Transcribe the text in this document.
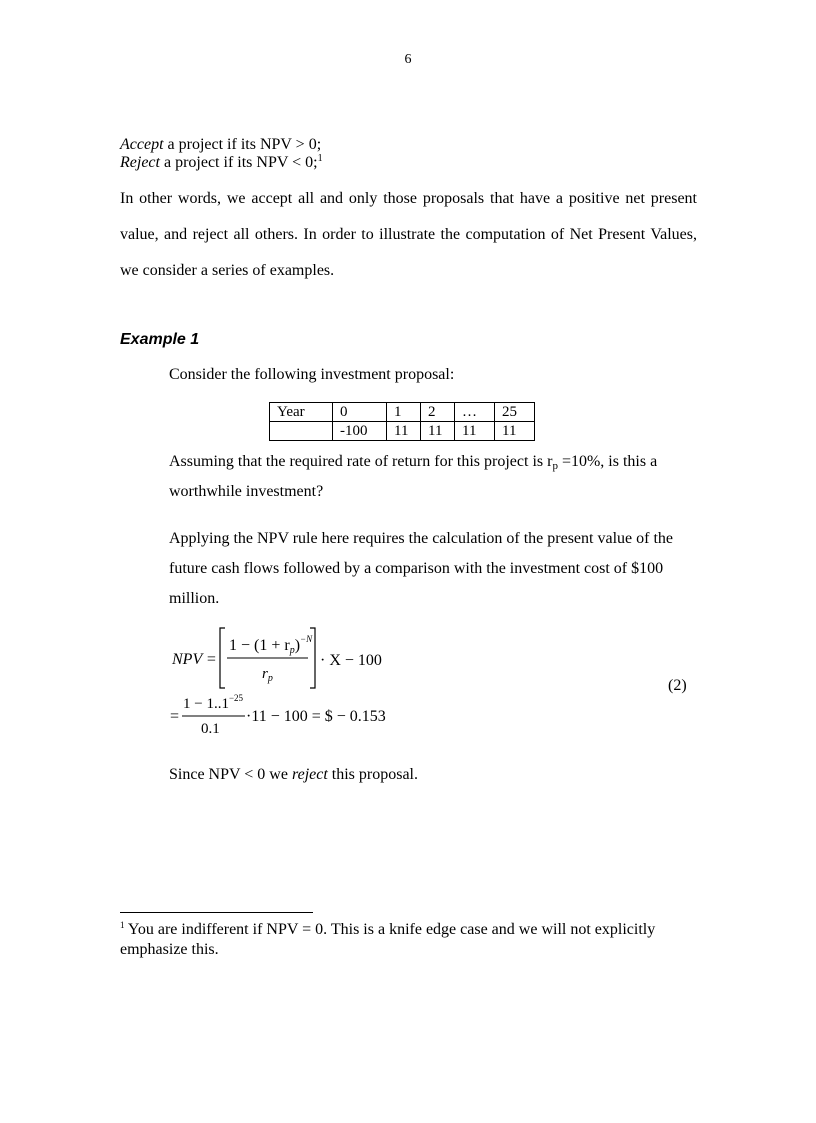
6
Accept a project if its NPV > 0;
Reject a project if its NPV < 0;$^1$
In other words, we accept all and only those proposals that have a positive net present
value, and reject all others. In order to illustrate the computation of Net Present Values,
we consider a series of examples.
Example 1
Consider the following investment proposal:
Year	0	1	2	…	25
	-100	11	11	11	11
Assuming that the required rate of return for this project is $r_p =10\%$, is this a
worthwhile investment?
Applying the NPV rule here requires the calculation of the present value of the
future cash flows followed by a comparison with the investment cost of $100
million.
NPV =
1 − (1 + rp)$^{-N}$
$r_p$
· X − 100
=
$1 - 1..1^{-25}$
0.1
·11 − 100 = $ − 0.153
(2)
Since NPV < 0 we reject this proposal.
$^1$ You are indifferent if NPV = 0. This is a knife edge case and we will not explicitly emphasize this.
